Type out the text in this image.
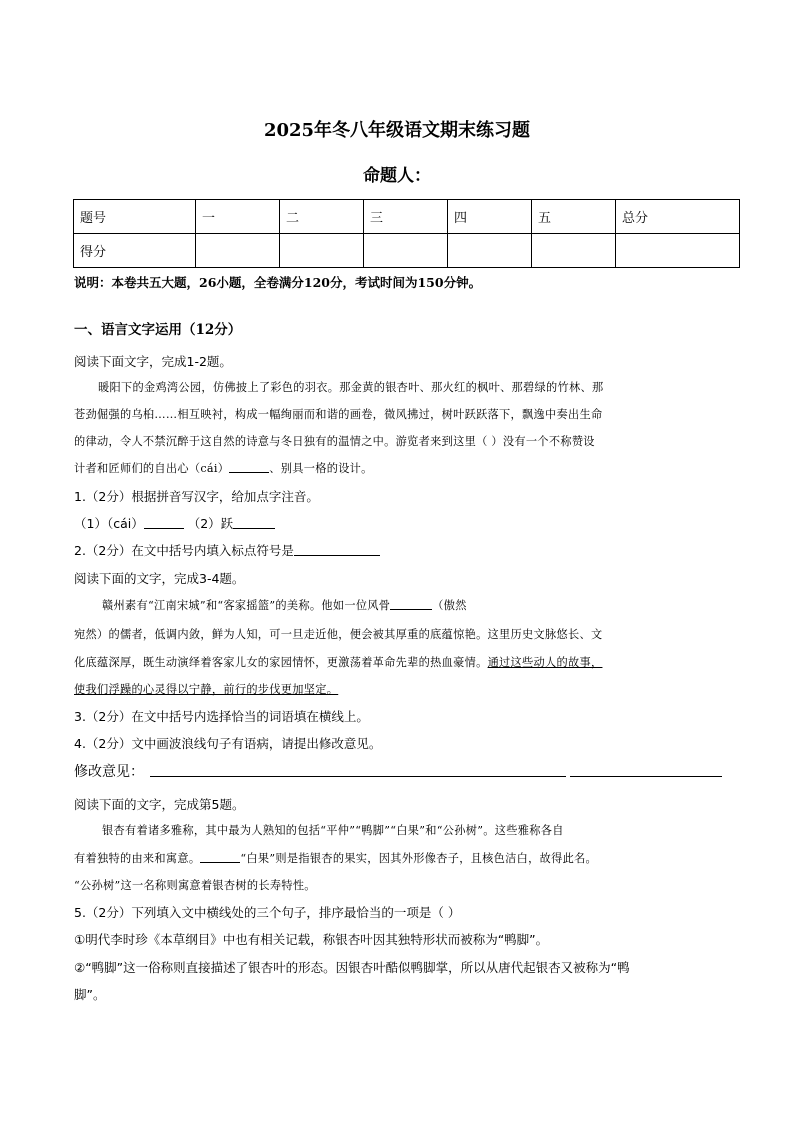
2025年冬八年级语文期末练习题
命题人：
题号	一	二	三	四	五	总分
得分						
说明：本卷共五大题，26小题，全卷满分120分，考试时间为150分钟。
一、语言文字运用（12分）
阅读下面文字，完成1-2题。
暖阳下的金鸡湾公园，仿佛披上了彩色的羽衣。那金黄的银杏叶、那火红的枫叶、那碧绿的竹林、那
苍劲倔强的乌桕……相互映衬，构成一幅绚丽而和谐的画卷，微风拂过，树叶跃跃落下，飘逸中奏出生命
的律动，令人不禁沉醉于这自然的诗意与冬日独有的温情之中。游览者来到这里（ ）没有一个不称赞设
计者和匠师们的自出心（cái）	、别具一格的设计。
1.（2分）根据拼音写汉字，给加点字注音。
（1）（cái）	（2）跃
2.（2分）在文中括号内填入标点符号是
阅读下面的文字，完成3-4题。
赣州素有“江南宋城”和“客家摇篮”的美称。他如一位风骨	（傲然
宛然）的儒者，低调内敛，鲜为人知，可一旦走近他，便会被其厚重的底蕴惊艳。这里历史文脉悠长、文
化底蕴深厚，既生动演绎着客家儿女的家园情怀，更激荡着革命先辈的热血豪情。通过这些动人的故事，
使我们浮躁的心灵得以宁静，前行的步伐更加坚定。
3.（2分）在文中括号内选择恰当的词语填在横线上。
4.（2分）文中画波浪线句子有语病，请提出修改意见。
修改意见：
阅读下面的文字，完成第5题。
银杏有着诸多雅称，其中最为人熟知的包括“平仲”“鸭脚”“白果”和“公孙树”。这些雅称各自
有着独特的由来和寓意。	“白果”则是指银杏的果实，因其外形像杏子，且核色洁白，故得此名。
“公孙树”这一名称则寓意着银杏树的长寿特性。
5.（2分）下列填入文中横线处的三个句子，排序最恰当的一项是（ ）
①明代李时珍《本草纲目》中也有相关记载，称银杏叶因其独特形状而被称为“鸭脚”。
②“鸭脚”这一俗称则直接描述了银杏叶的形态。因银杏叶酷似鸭脚掌，所以从唐代起银杏又被称为“鸭
脚”。
